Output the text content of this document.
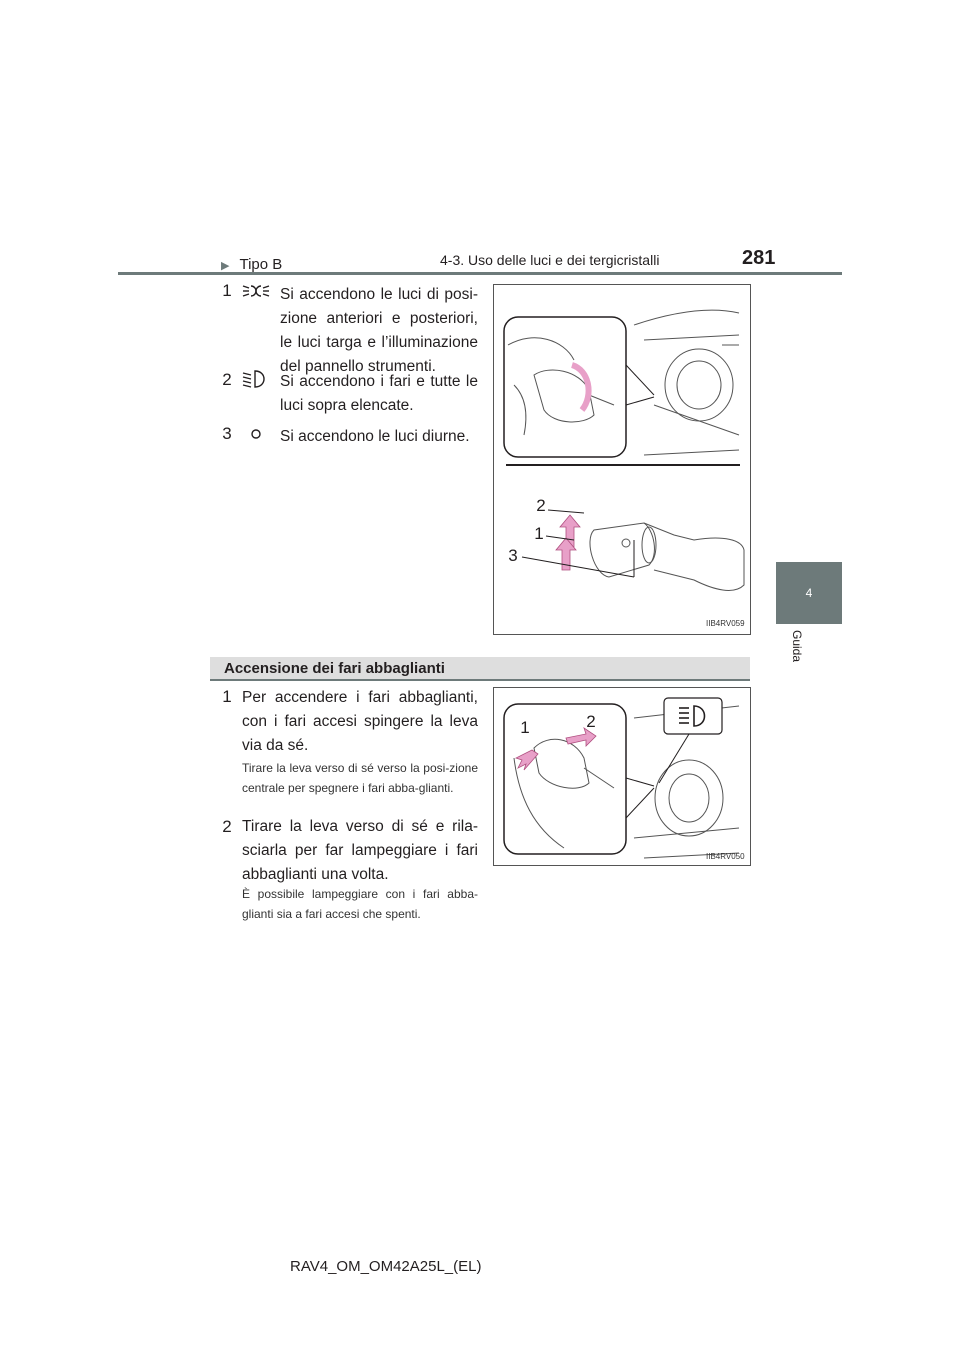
4-3. Uso delle luci e dei tergicristalli	281
4
Guida
▶ Tipo B
1	Si accendono le luci di posi-zione anteriori e posteriori, le luci targa e l’illuminazione del pannello strumenti.
2	Si accendono i fari e tutte le luci sopra elencate.
3	Si accendono le luci diurne.
2
1
3
IIB4RV059
Accensione dei fari abbaglianti
1 Per accendere i fari abbaglianti, con i fari accesi spingere la leva via da sé.
Tirare la leva verso di sé verso la posi-zione centrale per spegnere i fari abba-glianti.
2 Tirare la leva verso di sé e rila-sciarla per far lampeggiare i fari abbaglianti una volta.
È possibile lampeggiare con i fari abba-glianti sia a fari accesi che spenti.
1	2
IIB4RV050
RAV4_OM_OM42A25L_(EL)
